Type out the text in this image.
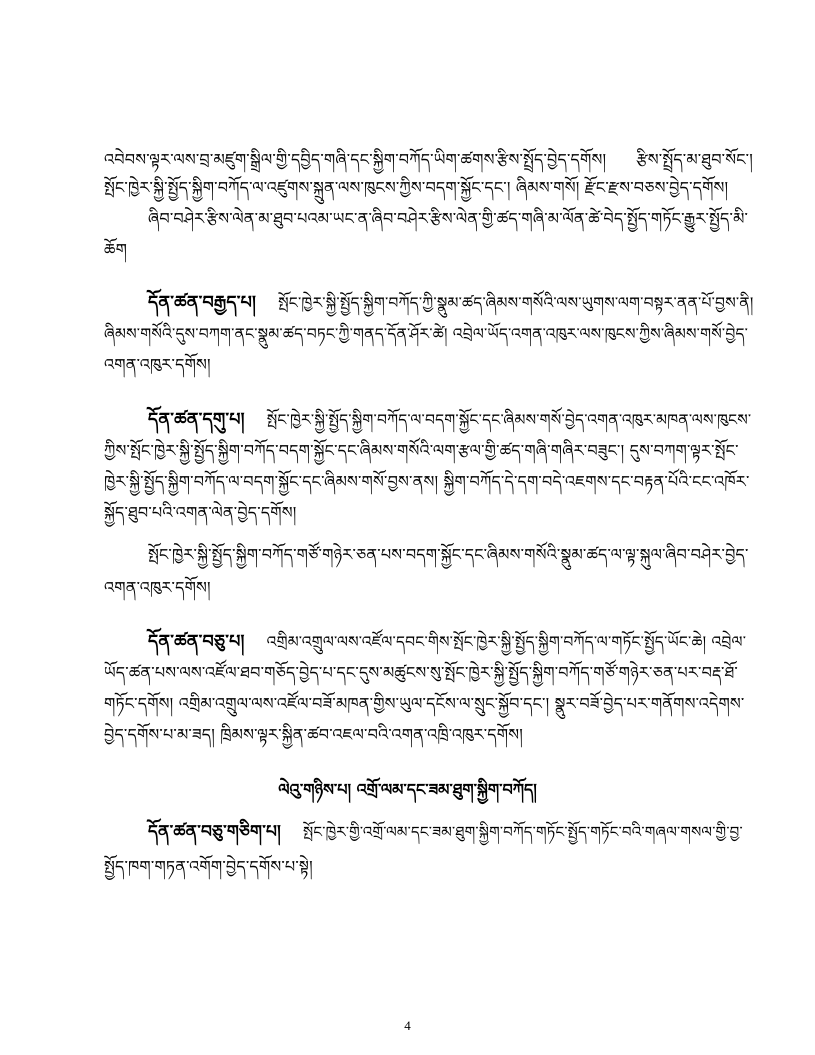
འབེབས་ལྟར་ལས་བྲ་མཛུག་སྒྲིལ་གྱི་དབྱིད་གཞི་དང་སྐྱིག་བཀོད་ཡིག་ཚགས་རྩིས་སྤྲོད་བྱེད་དགོས། རྩིས་སྤྲོད་མ་ཐུབ་སོང་།
སྤོང་ཁྱེར་སྐྱི་སྤྱོད་སྐྱིག་བཀོད་ལ་འཛུགས་སྐྲུན་ལས་ཁུངས་ཀྱིས་བདག་སྐྱོང་དང་། ཞིམས་གསོ། རྫོང་རྫས་བཅས་བྱེད་དགོས།
ཞིབ་བཤེར་རྩིས་ལེན་མ་ཐུབ་པའམ་ཡང་ན་ཞིབ་བཤེར་རྩིས་ལེན་གྱི་ཚད་གཞི་མ་ལོན་ཚེ་བེད་སྤྱོད་གཏོང་རྒྱུར་སྤྱོད་མི་
ཆོག
དོན་ཚན་བརྒྱད་པ། སྤོང་ཁྱེར་སྐྱི་སྤྱོད་སྐྱིག་བཀོད་ཀྱི་སྣུམ་ཚད་ཞིམས་གསོའི་ལས་ཡུགས་ལག་བསྟར་ནན་པོ་བྱས་ནི།
ཞིམས་གསོའི་དུས་བཀག་ནང་སྣུམ་ཚད་བཏང་ཀྱི་གནད་དོན་ཤོར་ཚེ། འབྲེལ་ཡོད་འགན་འཁུར་ལས་ཁུངས་ཀྱིས་ཞིམས་གསོ་བྱེད་
འགན་འཁུར་དགོས།
དོན་ཚན་དགུ་པ། སྤོང་ཁྱེར་སྐྱི་སྤྱོད་སྐྱིག་བཀོད་ལ་བདག་སྐྱོང་དང་ཞིམས་གསོ་བྱེད་འགན་འཁུར་མཁན་ལས་ཁུངས་
ཀྱིས་སྤོང་ཁྱེར་སྐྱི་སྤྱོད་སྐྱིག་བཀོད་བདག་སྐྱོང་དང་ཞིམས་གསོའི་ལག་རྩལ་གྱི་ཚད་གཞི་གཞིར་བཟུང་། དུས་བཀག་ལྟར་སྤོང་
ཁྱེར་སྐྱི་སྤྱོད་སྐྱིག་བཀོད་ལ་བདག་སྐྱོང་དང་ཞིམས་གསོ་བྱས་ནས། སྐྱིག་བཀོད་དེ་དག་བདེ་འཇགས་དང་བརྟན་པོའི་ངང་འཁོར་
སྐྱོད་ཐུབ་པའི་འགན་ལེན་བྱེད་དགོས།
སྤོང་ཁྱེར་སྐྱི་སྤྱོད་སྐྱིག་བཀོད་གཙོ་གཉེར་ཅན་པས་བདག་སྐྱོང་དང་ཞིམས་གསོའི་སྣུམ་ཚད་ལ་ལྟ་སྐུལ་ཞིབ་བཤེར་བྱེད་
འགན་འཁུར་དགོས།
དོན་ཚན་བཅུ་པ། འགྲིམ་འགྲུལ་ལས་འཛོལ་དབང་གིས་སྤོང་ཁྱེར་སྐྱི་སྤྱོད་སྐྱིག་བཀོད་ལ་གཏོང་སྤྱོད་ཡོང་ཆེ། འབྲེལ་
ཡོད་ཚན་པས་ལས་འཛོལ་ཐབ་གཅོད་བྱེད་པ་དང་དུས་མཚུངས་སུ་སྤོང་ཁྱེར་སྐྱི་སྤྱོད་སྐྱིག་བཀོད་གཙོ་གཉེར་ཅན་པར་བརྡ་ཐོ་
གཏོང་དགོས། འགྲིམ་འགྲུལ་ལས་འཛོལ་བཟོ་མཁན་གྱིས་ཡུལ་དངོས་ལ་སྲུང་སྐྱོབ་དང་། སྣུར་བཟོ་བྱེད་པར་གནོགས་འདེགས་
བྱེད་དགོས་པ་མ་ཟད། ཁྲིམས་ལྟར་སྐྱིན་ཚབ་འཇལ་བའི་འགན་འཁྲི་འཁུར་དགོས།
ལེའུ་གཉིས་པ། འགྲོ་ལམ་དང་ཟམ་ཐུག་སྐྱིག་བཀོད།
དོན་ཚན་བཅུ་གཅིག་པ། སྤོང་ཁྱེར་གྱི་འགྲོ་ལམ་དང་ཟམ་ཐུག་སྐྱིག་བཀོད་གཏོང་སྤྱོད་གཏོང་བའི་གཞལ་གསལ་གྱི་བྱ་
སྤྱོད་ཁག་གཏན་འགོག་བྱེད་དགོས་པ་སྟེ།
4
